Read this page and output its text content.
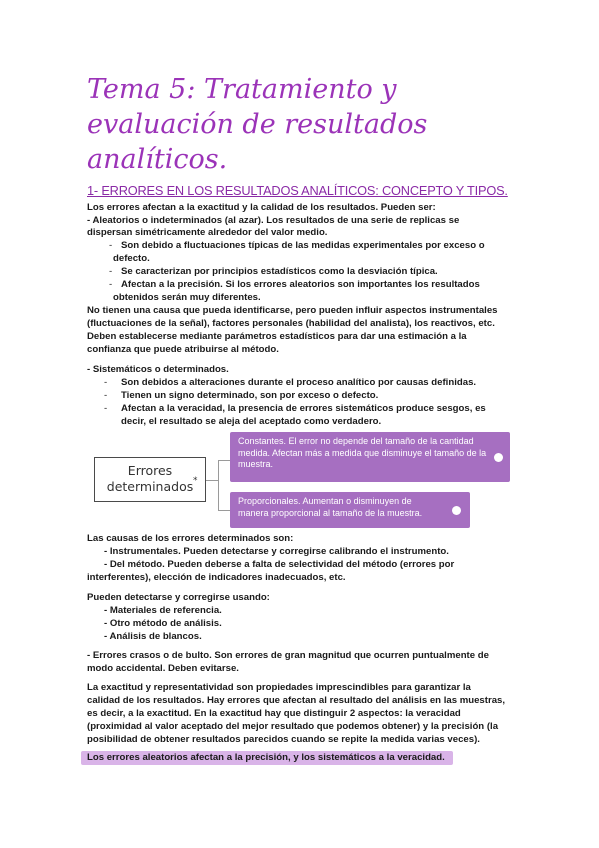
Tema 5: Tratamiento y
evaluación de resultados
analíticos.
1- ERRORES EN LOS RESULTADOS ANALÍTICOS: CONCEPTO Y TIPOS.

Los errores afectan a la exactitud y la calidad de los resultados. Pueden ser:

- Aleatorios o indeterminados (al azar). Los resultados de una serie de replicas se

dispersan simétricamente alrededor del valor medio.

- Son debido a fluctuaciones típicas de las medidas experimentales por exceso o

defecto.

- Se caracterizan por principios estadísticos como la desviación típica.

- Afectan a la precisión. Si los errores aleatorios son importantes los resultados

obtenidos serán muy diferentes.

No tienen una causa que pueda identificarse, pero pueden influir aspectos instrumentales

(fluctuaciones de la señal), factores personales (habilidad del analista), los reactivos, etc.

Deben establecerse mediante parámetros estadísticos para dar una estimación a la

confianza que puede atribuirse al método.

- Sistemáticos o determinados.

- Son debidos a alteraciones durante el proceso analítico por causas definidas.

- Tienen un signo determinado, son por exceso o defecto.

- Afectan a la veracidad, la presencia de errores sistemáticos produce sesgos, es

decir, el resultado se aleja del aceptado como verdadero.

Errores
determinados *
Constantes. El error no depende del tamaño de la cantidad medida. Afectan más a medida que disminuye el tamaño de la muestra.
Proporcionales. Aumentan o disminuyen de manera proporcional al tamaño de la muestra.

Las causas de los errores determinados son:

- Instrumentales. Pueden detectarse y corregirse calibrando el instrumento.

- Del método. Pueden deberse a falta de selectividad del método (errores por

interferentes), elección de indicadores inadecuados, etc.

Pueden detectarse y corregirse usando:

- Materiales de referencia.

- Otro método de análisis.

- Análisis de blancos.

- Errores crasos o de bulto. Son errores de gran magnitud que ocurren puntualmente de

modo accidental. Deben evitarse.

La exactitud y representatividad son propiedades imprescindibles para garantizar la

calidad de los resultados. Hay errores que afectan al resultado del análisis en las muestras,

es decir, a la exactitud. En la exactitud hay que distinguir 2 aspectos: la veracidad

(proximidad al valor aceptado del mejor resultado que podemos obtener) y la precisión (la

posibilidad de obtener resultados parecidos cuando se repite la medida varias veces).

Los errores aleatorios afectan a la precisión, y los sistemáticos a la veracidad.
